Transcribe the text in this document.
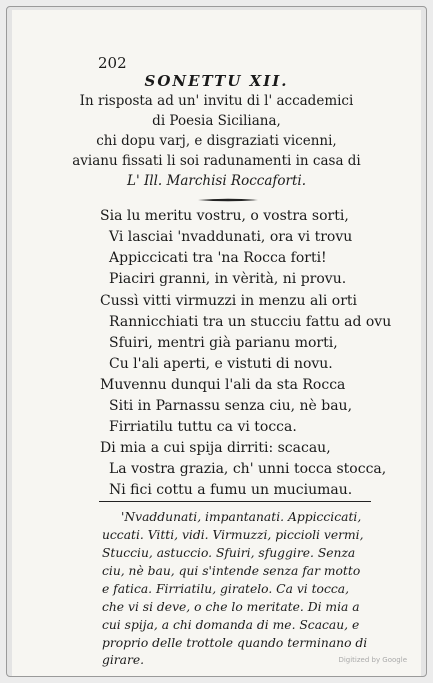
202
SONETTU XII.
In risposta ad un' invitu di l' accademici
di Poesia Siciliana,
chi dopu varj, e disgraziati vicenni,
avianu fissati li soi radunamenti in casa di
L' Ill. Marchisi Roccaforti.
Sia lu meritu vostru, o vostra sorti,
Vi lasciai 'nvaddunati, ora vi trovu
Appiccicati tra 'na Rocca forti!
Piaciri granni, in vèrità, ni provu.
Cussì vitti virmuzzi in menzu ali orti
Rannicchiati tra un stucciu fattu ad ovu
Sfuiri, mentri già parianu morti,
Cu l'ali aperti, e vistuti di novu.
Muvennu dunqui l'ali da sta Rocca
Siti in Parnassu senza ciu, nè bau,
Firriatilu tuttu ca vi tocca.
Di mia a cui spija dirriti: scacau,
La vostra grazia, ch' unni tocca stocca,
Ni fici cottu a fumu un muciumau.
'Nvaddunati, impantanati. Appiccicati,
uccati. Vitti, vidi. Virmuzzi, piccioli vermi,
Stucciu, astuccio. Sfuiri, sfuggire. Senza
ciu, nè bau, qui s'intende senza far motto
e fatica. Firriatilu, giratelo. Ca vi tocca,
che vi si deve, o che lo meritate. Di mia a
cui spija, a chi domanda di me. Scacau, e
proprio delle trottole quando terminano di
girare.	Digitized by Google
